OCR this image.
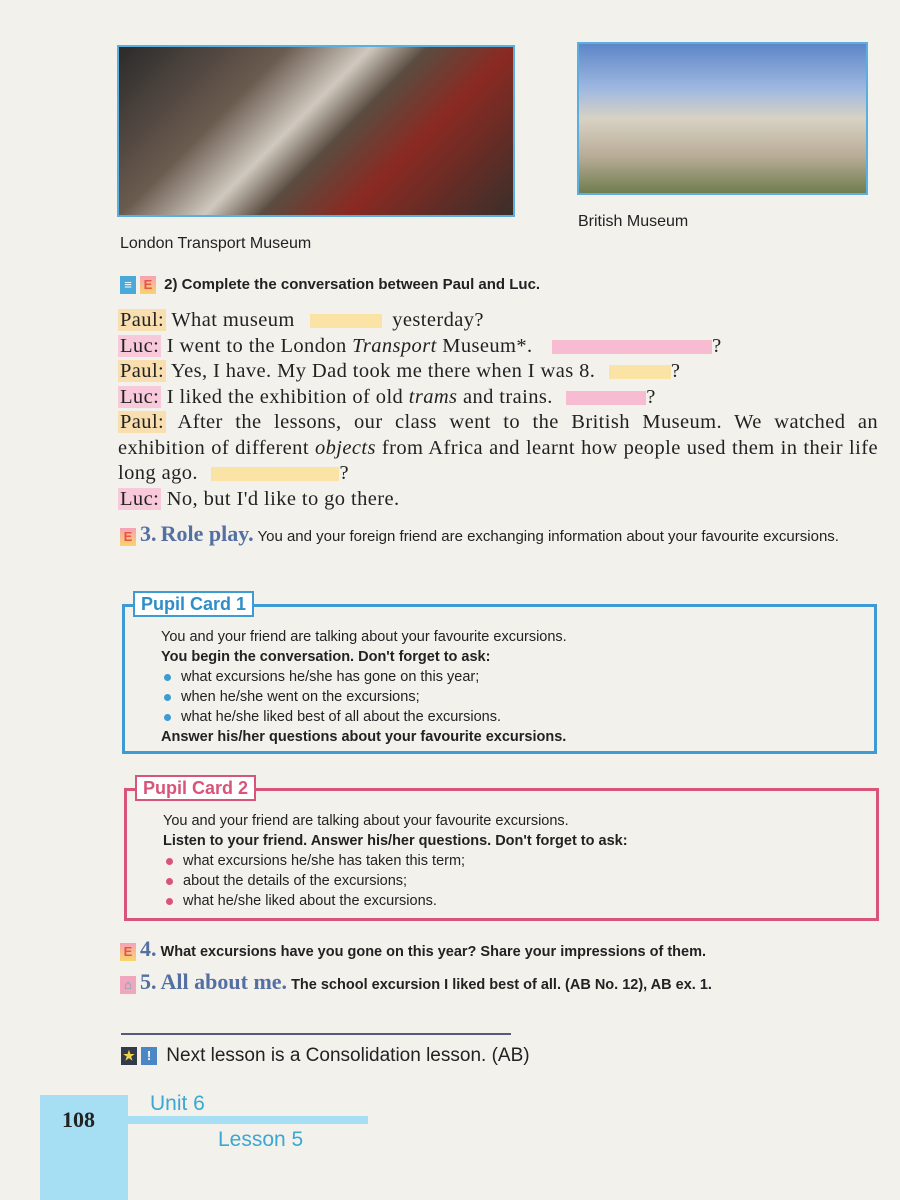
London Transport Museum
British Museum
≡ E 2) Complete the conversation between Paul and Luc.
Paul: What museum	yesterday?
Luc: I went to the London Transport Museum*.	?
Paul: Yes, I have. My Dad took me there when I was 8.	?
Luc: I liked the exhibition of old trams and trains.	?
Paul: After the lessons, our class went to the British Museum. We watched an exhibition of different objects from Africa and learnt how people used them in their life long ago.	?
Luc: No, but I'd like to go there.
E 3. Role play. You and your foreign friend are exchanging information about your favourite excursions.
Pupil Card 1
You and your friend are talking about your favourite excursions.
You begin the conversation. Don't forget to ask:
what excursions he/she has gone on this year;
when he/she went on the excursions;
what he/she liked best of all about the excursions.
Answer his/her questions about your favourite excursions.
Pupil Card 2
You and your friend are talking about your favourite excursions.
Listen to your friend. Answer his/her questions. Don't forget to ask:
what excursions he/she has taken this term;
about the details of the excursions;
what he/she liked about the excursions.
E 4. What excursions have you gone on this year? Share your impressions of them.
⌂ 5. All about me. The school excursion I liked best of all. (AB No. 12), AB ex. 1.
★ ! Next lesson is a Consolidation lesson. (AB)
108
Unit 6
Lesson 5
